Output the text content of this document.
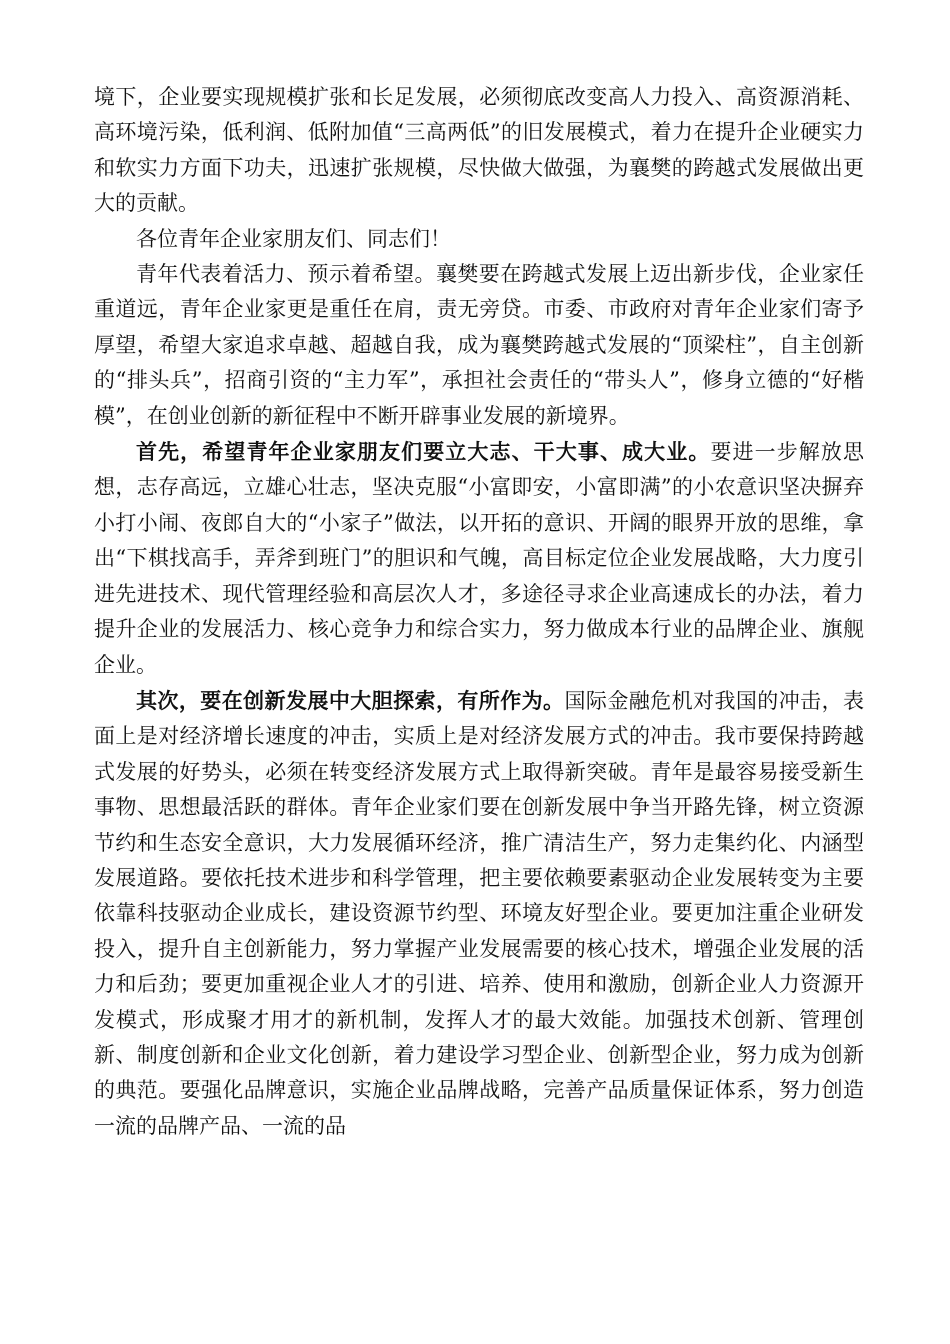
境下，企业要实现规模扩张和长足发展，必须彻底改变高人力投入、高资源消耗、高环境污染，低利润、低附加值“三高两低”的旧发展模式，着力在提升企业硬实力和软实力方面下功夫，迅速扩张规模，尽快做大做强，为襄樊的跨越式发展做出更大的贡献。

各位青年企业家朋友们、同志们！

青年代表着活力、预示着希望。襄樊要在跨越式发展上迈出新步伐，企业家任重道远，青年企业家更是重任在肩，责无旁贷。市委、市政府对青年企业家们寄予厚望，希望大家追求卓越、超越自我，成为襄樊跨越式发展的“顶梁柱”，自主创新的“排头兵”，招商引资的“主力军”，承担社会责任的“带头人”，修身立德的“好楷模”，在创业创新的新征程中不断开辟事业发展的新境界。

首先，希望青年企业家朋友们要立大志、干大事、成大业。要进一步解放思想，志存高远，立雄心壮志，坚决克服“小富即安，小富即满”的小农意识坚决摒弃小打小闹、夜郎自大的“小家子”做法，以开拓的意识、开阔的眼界开放的思维，拿出“下棋找高手，弄斧到班门”的胆识和气魄，高目标定位企业发展战略，大力度引进先进技术、现代管理经验和高层次人才，多途径寻求企业高速成长的办法，着力提升企业的发展活力、核心竞争力和综合实力，努力做成本行业的品牌企业、旗舰企业。

其次，要在创新发展中大胆探索，有所作为。国际金融危机对我国的冲击，表面上是对经济增长速度的冲击，实质上是对经济发展方式的冲击。我市要保持跨越式发展的好势头，必须在转变经济发展方式上取得新突破。青年是最容易接受新生事物、思想最活跃的群体。青年企业家们要在创新发展中争当开路先锋，树立资源节约和生态安全意识，大力发展循环经济，推广清洁生产，努力走集约化、内涵型发展道路。要依托技术进步和科学管理，把主要依赖要素驱动企业发展转变为主要依靠科技驱动企业成长，建设资源节约型、环境友好型企业。要更加注重企业研发投入，提升自主创新能力，努力掌握产业发展需要的核心技术，增强企业发展的活力和后劲；要更加重视企业人才的引进、培养、使用和激励，创新企业人力资源开发模式，形成聚才用才的新机制，发挥人才的最大效能。加强技术创新、管理创新、制度创新和企业文化创新，着力建设学习型企业、创新型企业，努力成为创新的典范。要强化品牌意识，实施企业品牌战略，完善产品质量保证体系，努力创造一流的品牌产品、一流的品
